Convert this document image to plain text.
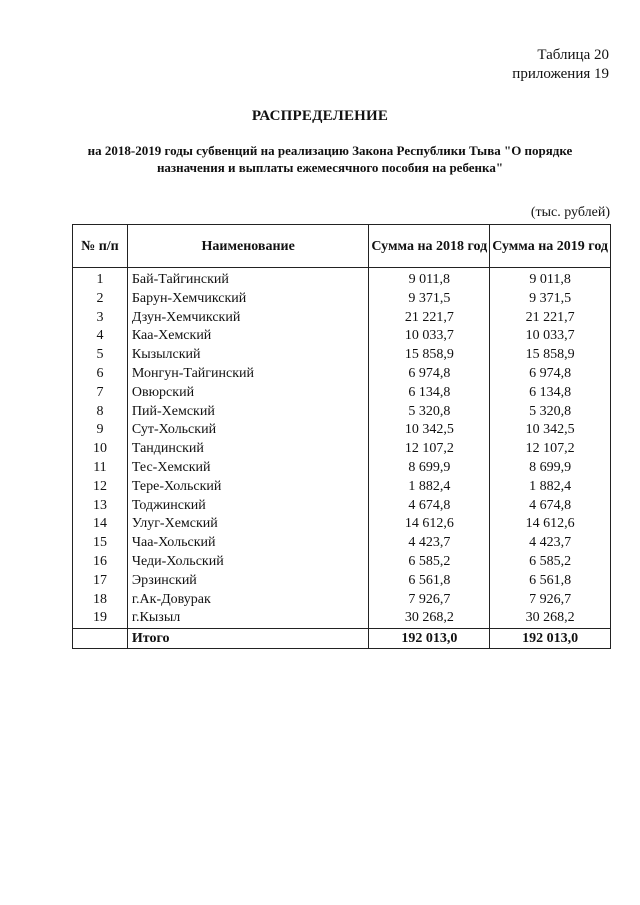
Таблица 20
приложения 19
РАСПРЕДЕЛЕНИЕ
на 2018-2019 годы субвенций на реализацию Закона Республики Тыва "О порядке
назначения и выплаты ежемесячного пособия на ребенка"
(тыс. рублей)
№ п/п	Наименование	Сумма на 2018 год	Сумма на 2019 год
1	Бай-Тайгинский	9 011,8	9 011,8
2	Барун-Хемчикский	9 371,5	9 371,5
3	Дзун-Хемчикский	21 221,7	21 221,7
4	Каа-Хемский	10 033,7	10 033,7
5	Кызылский	15 858,9	15 858,9
6	Монгун-Тайгинский	6 974,8	6 974,8
7	Овюрский	6 134,8	6 134,8
8	Пий-Хемский	5 320,8	5 320,8
9	Сут-Хольский	10 342,5	10 342,5
10	Тандинский	12 107,2	12 107,2
11	Тес-Хемский	8 699,9	8 699,9
12	Тере-Хольский	1 882,4	1 882,4
13	Тоджинский	4 674,8	4 674,8
14	Улуг-Хемский	14 612,6	14 612,6
15	Чаа-Хольский	4 423,7	4 423,7
16	Чеди-Хольский	6 585,2	6 585,2
17	Эрзинский	6 561,8	6 561,8
18	г.Ак-Довурак	7 926,7	7 926,7
19	г.Кызыл	30 268,2	30 268,2
	Итого	192 013,0	192 013,0
